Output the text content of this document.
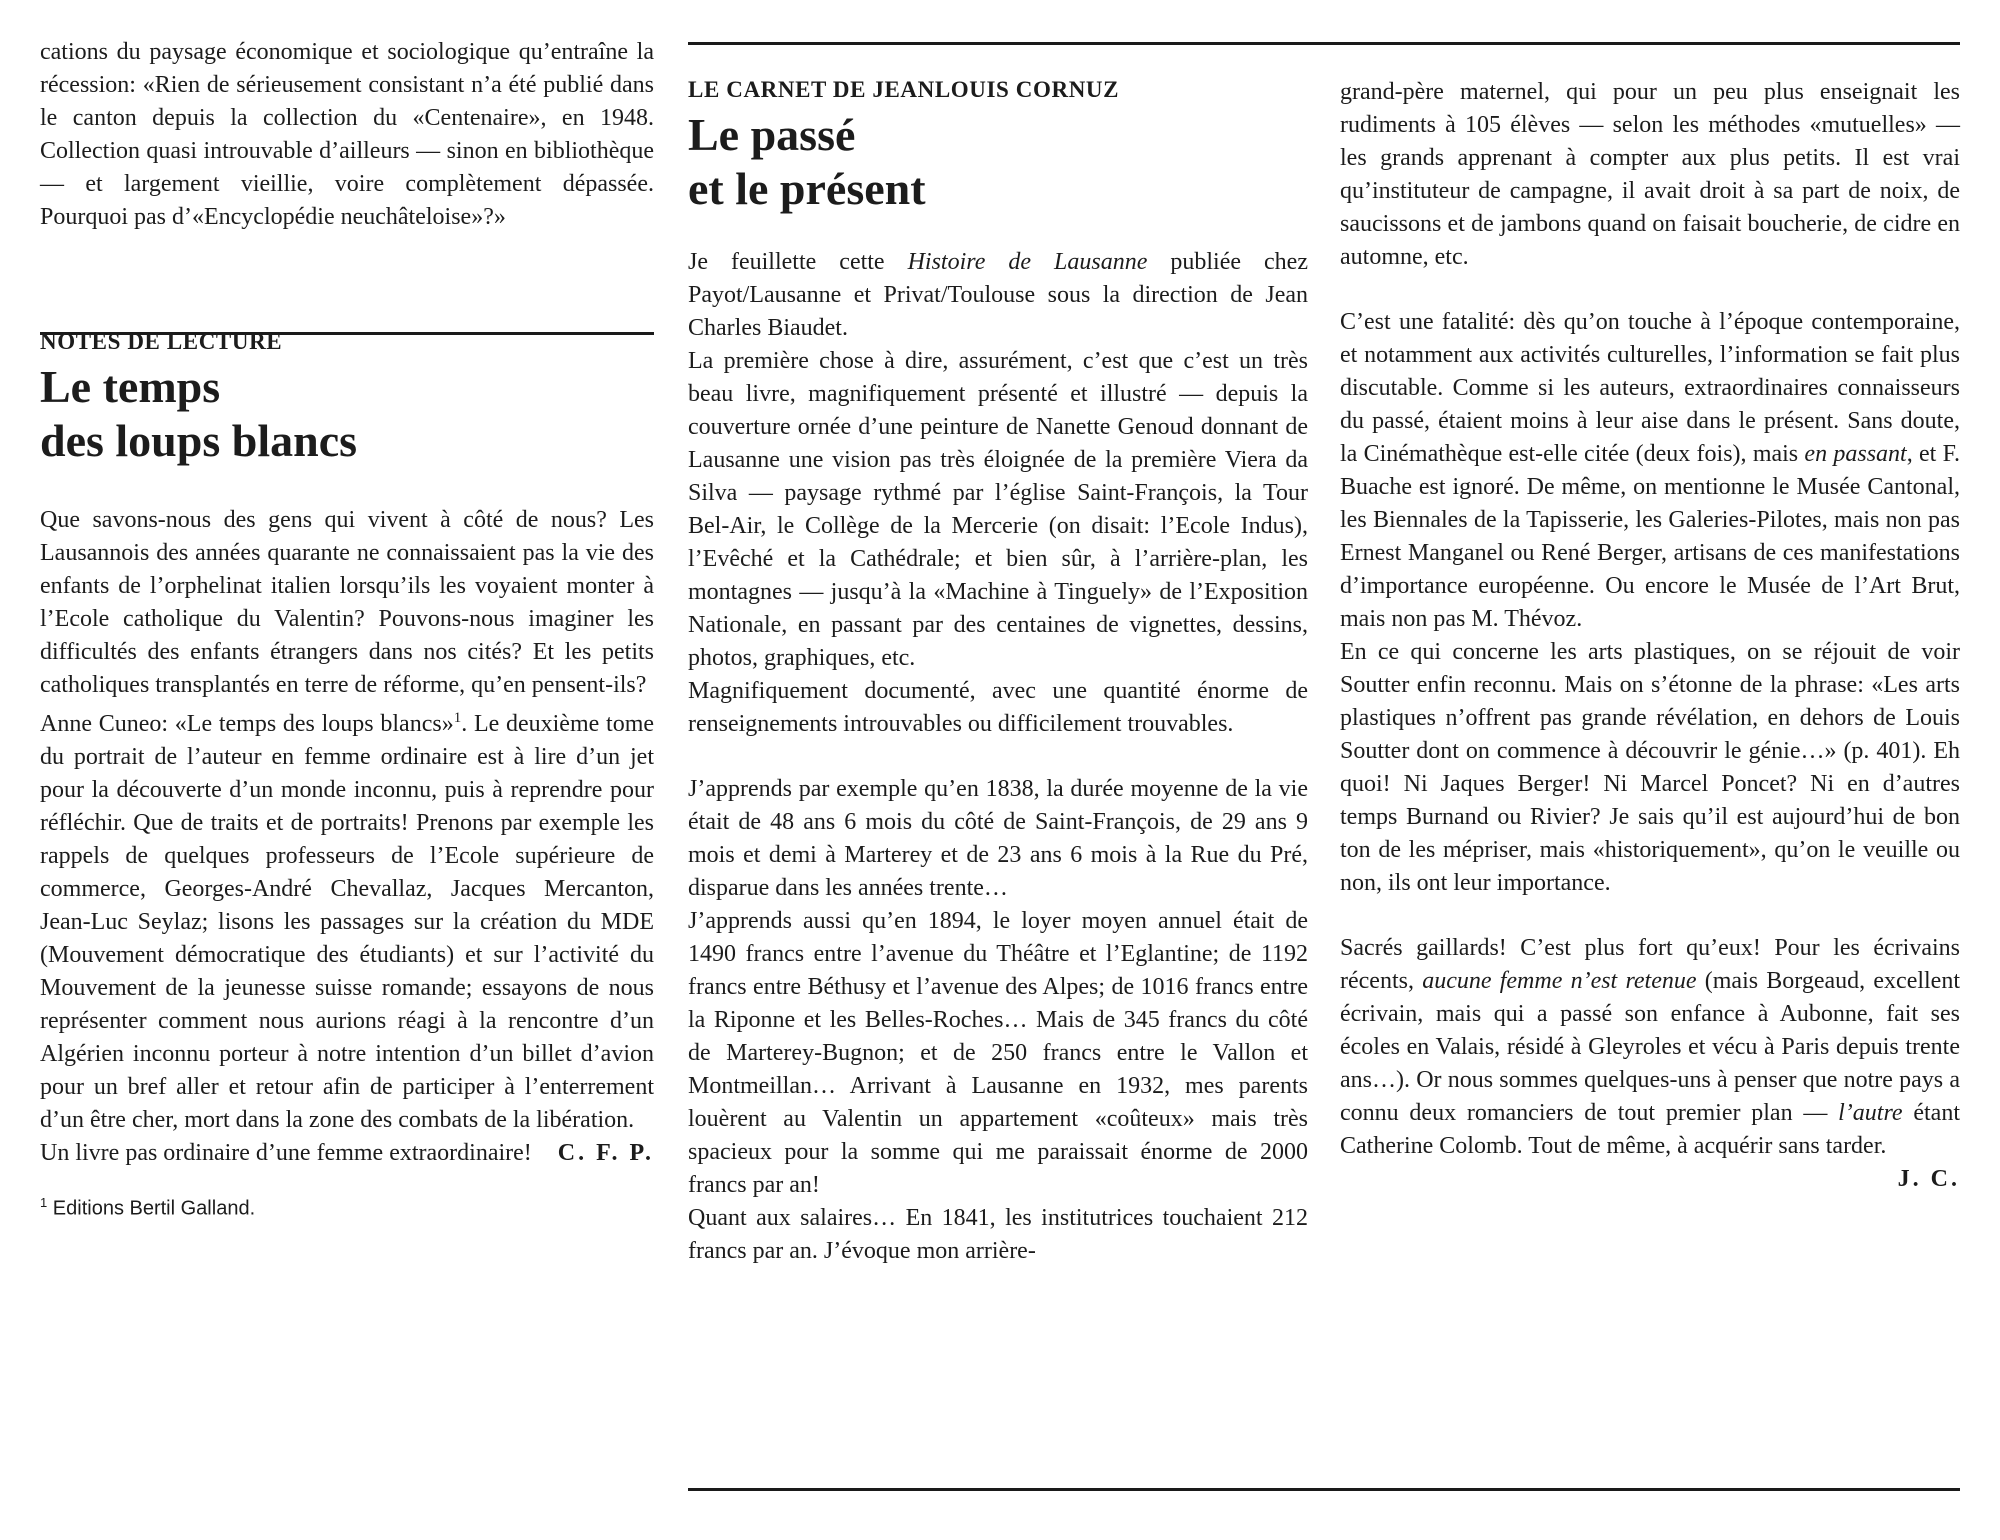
cations du paysage économique et sociologique qu’entraîne la récession: «Rien de sérieusement consistant n’a été publié dans le canton depuis la collection du «Centenaire», en 1948. Collection quasi introuvable d’ailleurs — sinon en bibliothèque — et largement vieillie, voire complètement dépassée. Pourquoi pas d’«Encyclopédie neuchâteloise»?»

NOTES DE LECTURE

Le temps
des loups blancs

Que savons-nous des gens qui vivent à côté de nous? Les Lausannois des années quarante ne connaissaient pas la vie des enfants de l’orphelinat italien lorsqu’ils les voyaient monter à l’Ecole catholique du Valentin? Pouvons-nous imaginer les difficultés des enfants étrangers dans nos cités? Et les petits catholiques transplantés en terre de réforme, qu’en pensent-ils?

Anne Cuneo: «Le temps des loups blancs»$^1$. Le deuxième tome du portrait de l’auteur en femme ordinaire est à lire d’un jet pour la découverte d’un monde inconnu, puis à reprendre pour réfléchir. Que de traits et de portraits! Prenons par exemple les rappels de quelques professeurs de l’Ecole supérieure de commerce, Georges-André Chevallaz, Jacques Mercanton, Jean-Luc Seylaz; lisons les passages sur la création du MDE (Mouvement démocratique des étudiants) et sur l’activité du Mouvement de la jeunesse suisse romande; essayons de nous représenter comment nous aurions réagi à la rencontre d’un Algérien inconnu porteur à notre intention d’un billet d’avion pour un bref aller et retour afin de participer à l’enterrement d’un être cher, mort dans la zone des combats de la libération.

Un livre pas ordinaire d’une femme extraordinaire! C. F. P.

$^1$ Editions Bertil Galland.

LE CARNET DE JEANLOUIS CORNUZ

Le passé
et le présent

Je feuillette cette Histoire de Lausanne publiée chez Payot/Lausanne et Privat/Toulouse sous la direction de Jean Charles Biaudet.

La première chose à dire, assurément, c’est que c’est un très beau livre, magnifiquement présenté et illustré — depuis la couverture ornée d’une peinture de Nanette Genoud donnant de Lausanne une vision pas très éloignée de la première Viera da Silva — paysage rythmé par l’église Saint-François, la Tour Bel-Air, le Collège de la Mercerie (on disait: l’Ecole Indus), l’Evêché et la Cathédrale; et bien sûr, à l’arrière-plan, les montagnes — jusqu’à la «Machine à Tinguely» de l’Exposition Nationale, en passant par des centaines de vignettes, dessins, photos, graphiques, etc.

Magnifiquement documenté, avec une quantité énorme de renseignements introuvables ou difficilement trouvables.

J’apprends par exemple qu’en 1838, la durée moyenne de la vie était de 48 ans 6 mois du côté de Saint-François, de 29 ans 9 mois et demi à Marterey et de 23 ans 6 mois à la Rue du Pré, disparue dans les années trente…

J’apprends aussi qu’en 1894, le loyer moyen annuel était de 1490 francs entre l’avenue du Théâtre et l’Eglantine; de 1192 francs entre Béthusy et l’avenue des Alpes; de 1016 francs entre la Riponne et les Belles-Roches… Mais de 345 francs du côté de Marterey-Bugnon; et de 250 francs entre le Vallon et Montmeillan… Arrivant à Lausanne en 1932, mes parents louèrent au Valentin un appartement «coûteux» mais très spacieux pour la somme qui me paraissait énorme de 2000 francs par an!

Quant aux salaires… En 1841, les institutrices touchaient 212 francs par an. J’évoque mon arrière-

grand-père maternel, qui pour un peu plus enseignait les rudiments à 105 élèves — selon les méthodes «mutuelles» — les grands apprenant à compter aux plus petits. Il est vrai qu’instituteur de campagne, il avait droit à sa part de noix, de saucissons et de jambons quand on faisait boucherie, de cidre en automne, etc.

C’est une fatalité: dès qu’on touche à l’époque contemporaine, et notamment aux activités culturelles, l’information se fait plus discutable. Comme si les auteurs, extraordinaires connaisseurs du passé, étaient moins à leur aise dans le présent. Sans doute, la Cinémathèque est-elle citée (deux fois), mais en passant, et F. Buache est ignoré. De même, on mentionne le Musée Cantonal, les Biennales de la Tapisserie, les Galeries-Pilotes, mais non pas Ernest Manganel ou René Berger, artisans de ces manifestations d’importance européenne. Ou encore le Musée de l’Art Brut, mais non pas M. Thévoz.

En ce qui concerne les arts plastiques, on se réjouit de voir Soutter enfin reconnu. Mais on s’étonne de la phrase: «Les arts plastiques n’offrent pas grande révélation, en dehors de Louis Soutter dont on commence à découvrir le génie…» (p. 401). Eh quoi! Ni Jaques Berger! Ni Marcel Poncet? Ni en d’autres temps Burnand ou Rivier? Je sais qu’il est aujourd’hui de bon ton de les mépriser, mais «historiquement», qu’on le veuille ou non, ils ont leur importance.

Sacrés gaillards! C’est plus fort qu’eux! Pour les écrivains récents, aucune femme n’est retenue (mais Borgeaud, excellent écrivain, mais qui a passé son enfance à Aubonne, fait ses écoles en Valais, résidé à Gleyroles et vécu à Paris depuis trente ans…). Or nous sommes quelques-uns à penser que notre pays a connu deux romanciers de tout premier plan — l’autre étant Catherine Colomb. Tout de même, à acquérir sans tarder.

J. C.
